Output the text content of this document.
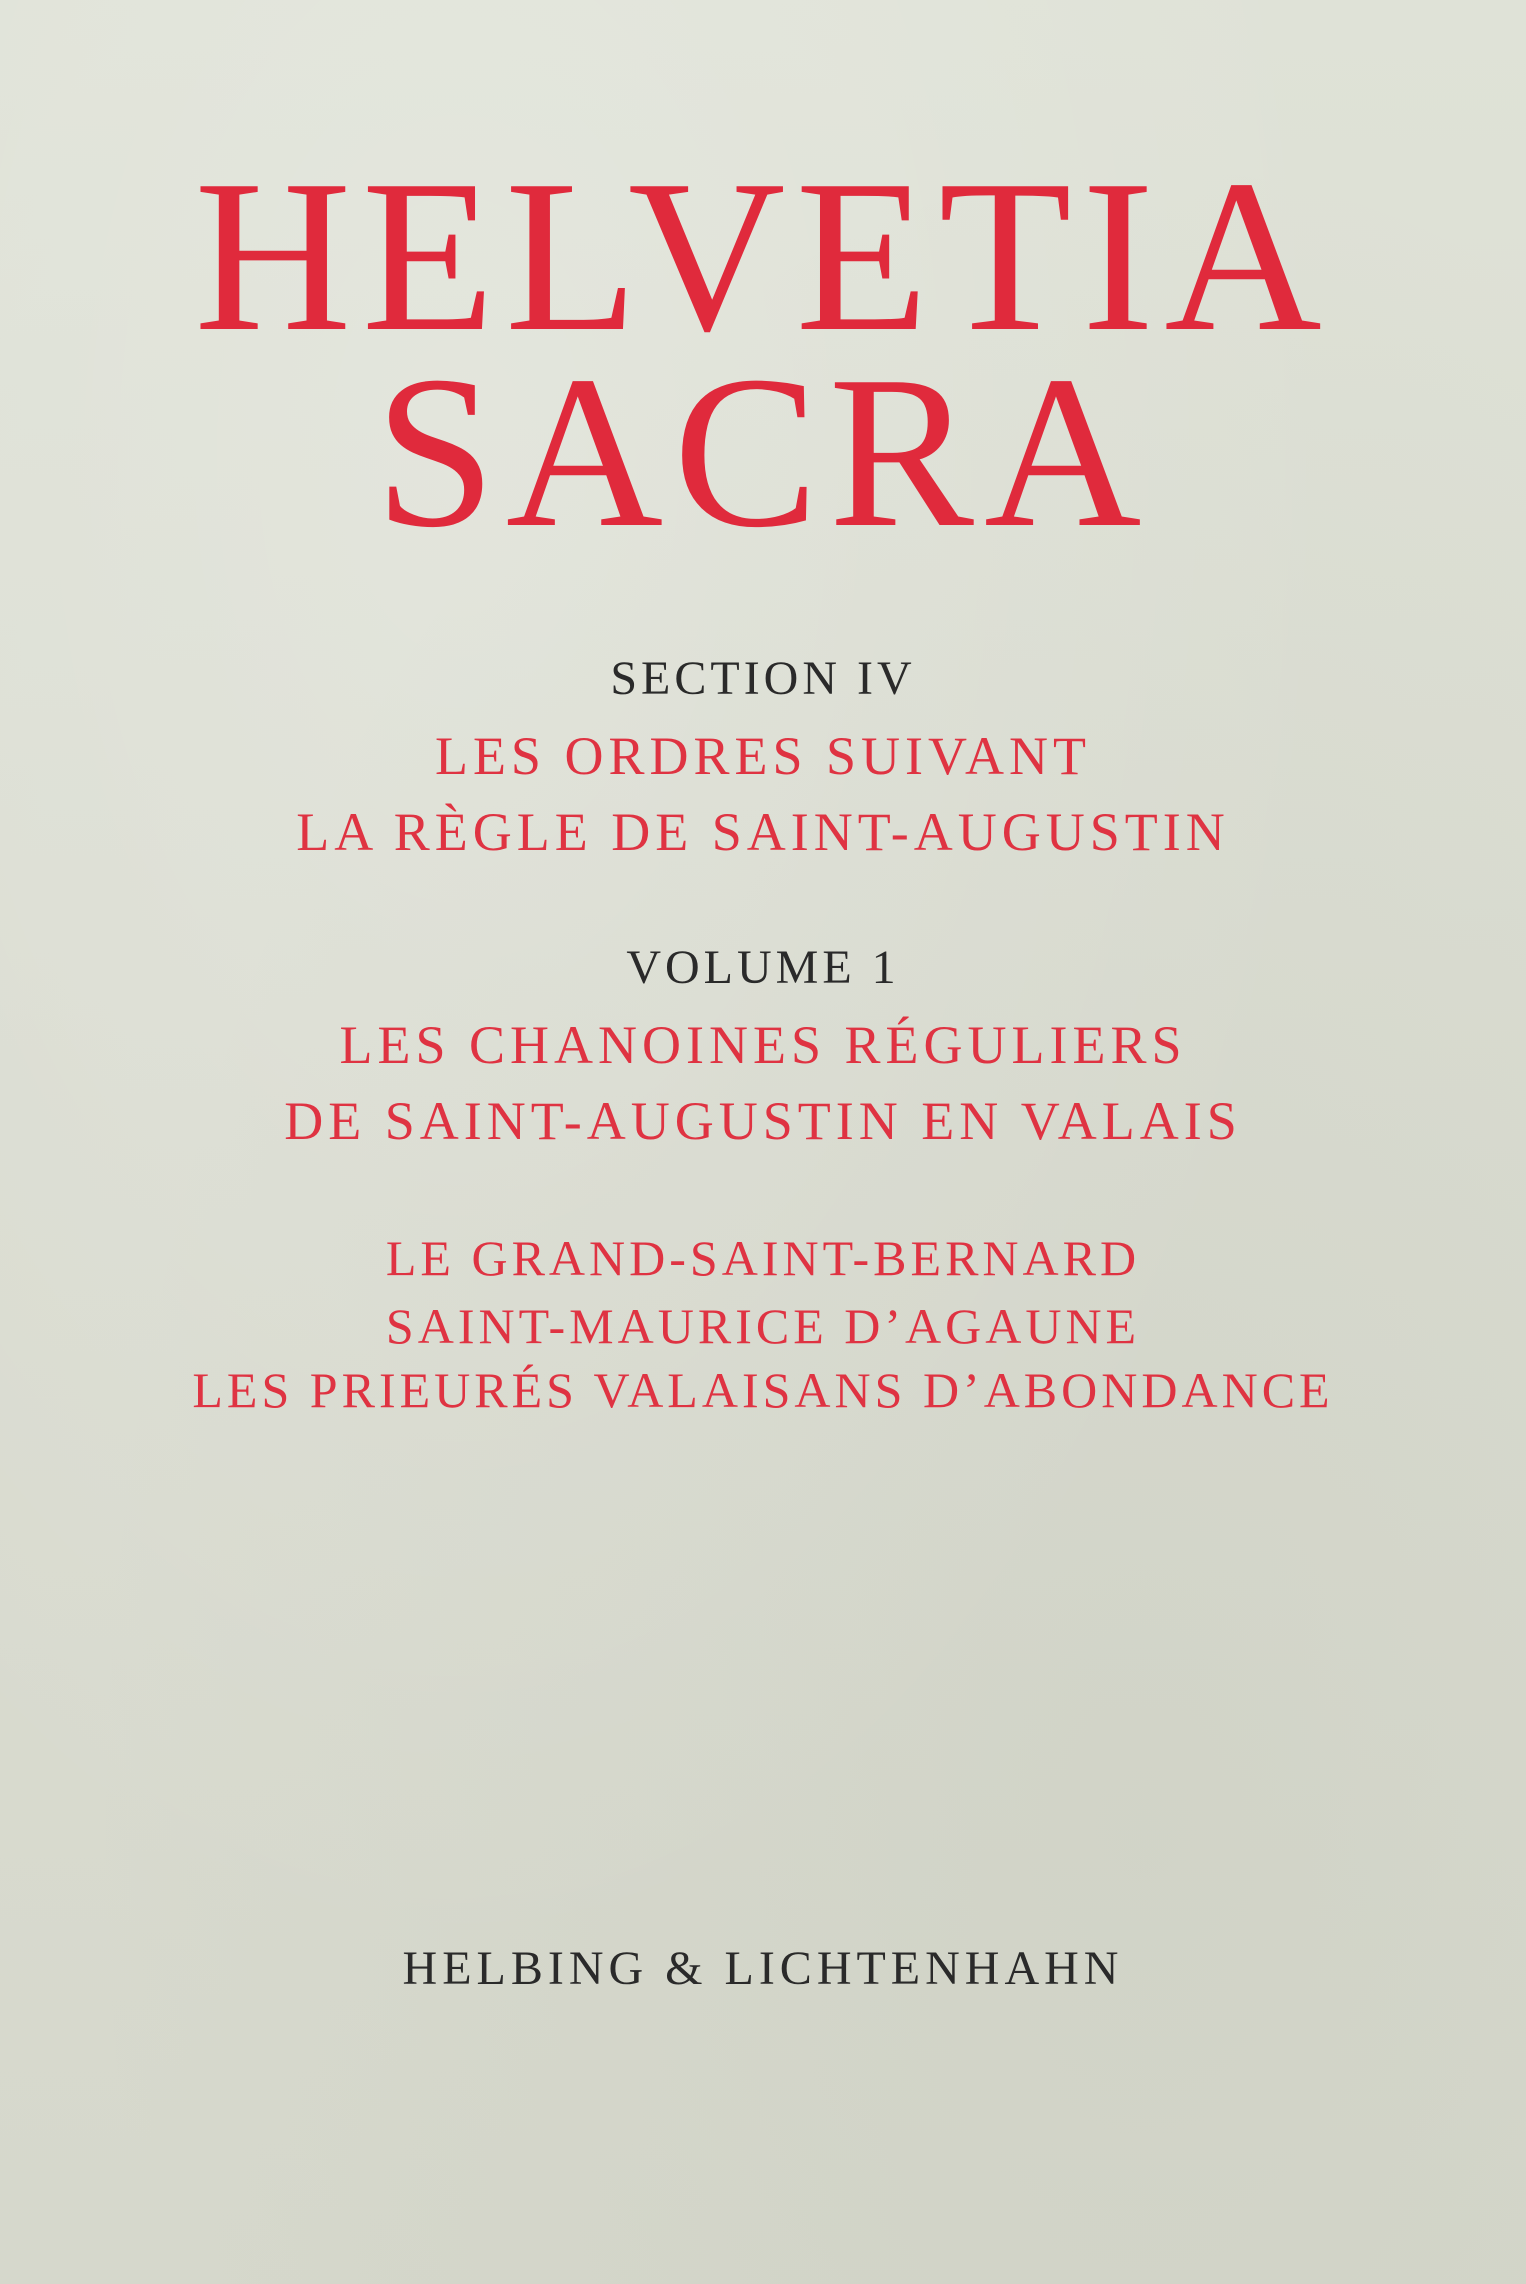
HELVETIA
SACRA
SECTION IV
LES ORDRES SUIVANT
LA RÈGLE DE SAINT-AUGUSTIN
VOLUME 1
LES CHANOINES RÉGULIERS
DE SAINT-AUGUSTIN EN VALAIS
LE GRAND-SAINT-BERNARD
SAINT-MAURICE D’AGAUNE
LES PRIEURÉS VALAISANS D’ABONDANCE
HELBING & LICHTENHAHN
